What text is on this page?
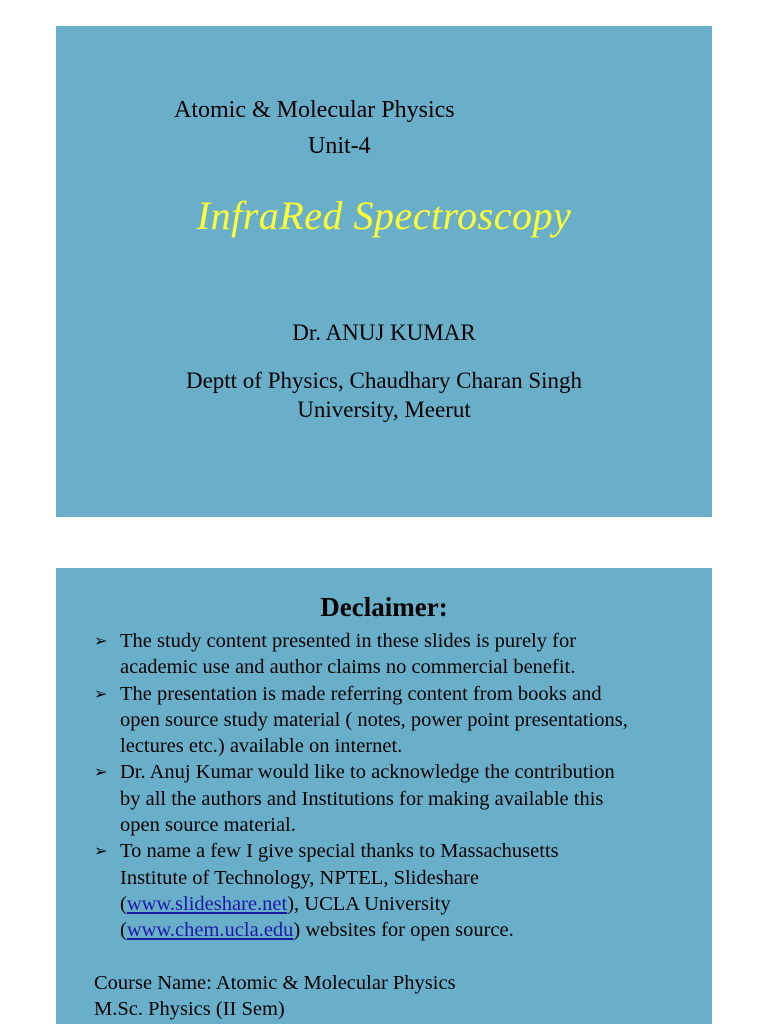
Atomic & Molecular Physics
Unit-4
InfraRed Spectroscopy
Dr. ANUJ KUMAR
Deptt of Physics, Chaudhary Charan Singh
University, Meerut
Declaimer:
➢ The study content presented in these slides is purely for
academic use and author claims no commercial benefit.
➢ The presentation is made referring content from books and
open source study material ( notes, power point presentations,
lectures etc.) available on internet.
➢ Dr. Anuj Kumar would like to acknowledge the contribution
by all the authors and Institutions for making available this
open source material.
➢ To name a few I give special thanks to Massachusetts
Institute of Technology, NPTEL, Slideshare
(www.slideshare.net), UCLA University
(www.chem.ucla.edu) websites for open source.
Course Name: Atomic & Molecular Physics
M.Sc. Physics (II Sem)
